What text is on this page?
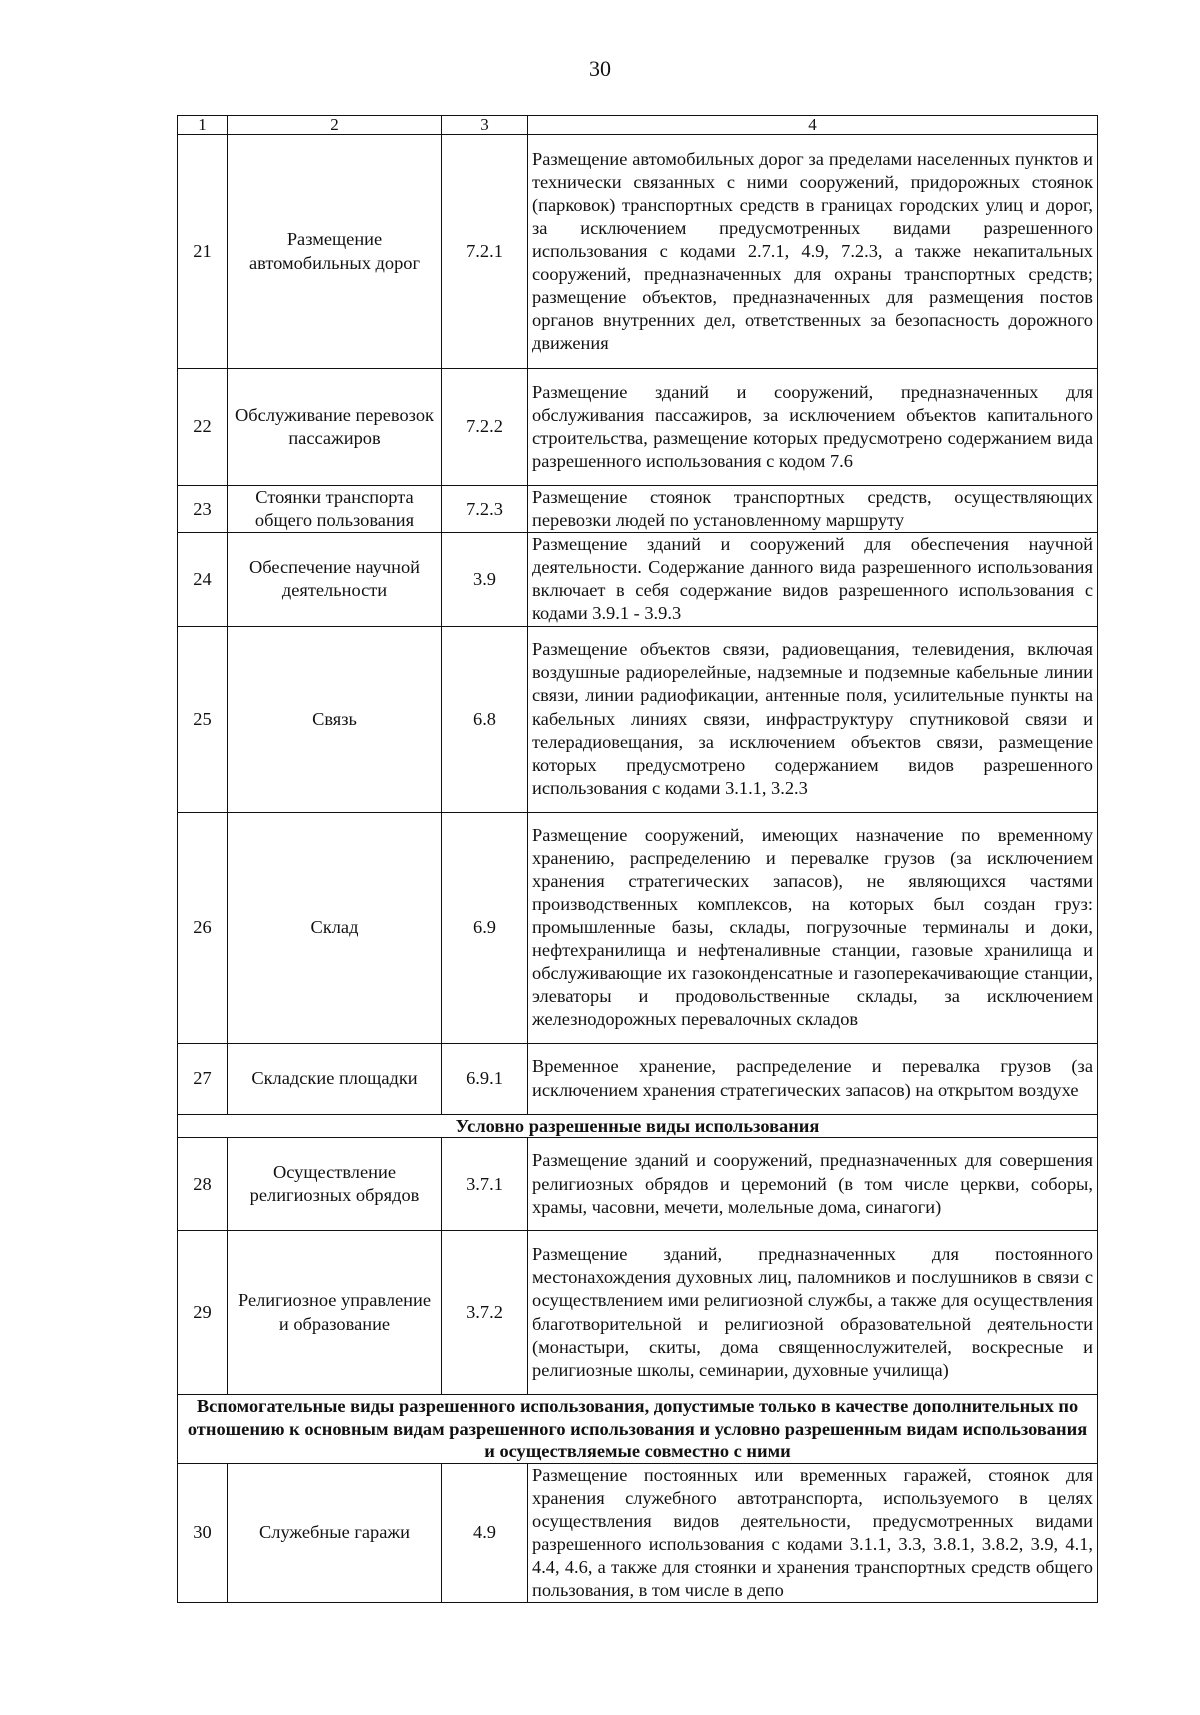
30
1	2	3	4
21	Размещение автомобильных дорог	7.2.1	Размещение автомобильных дорог за пределами населенных пунктов и технически связанных с ними сооружений, придорожных стоянок (парковок) транспортных средств в границах городских улиц и дорог, за исключением предусмотренных видами разрешенного использования с кодами 2.7.1, 4.9, 7.2.3, а также некапитальных сооружений, предназначенных для охраны транспортных средств; размещение объектов, предназначенных для размещения постов органов внутренних дел, ответственных за безопасность дорожного движения
22	Обслуживание перевозок пассажиров	7.2.2	Размещение зданий и сооружений, предназначенных для обслуживания пассажиров, за исключением объектов капитального строительства, размещение которых предусмотрено содержанием вида разрешенного использования с кодом 7.6
23	Стоянки транспорта общего пользования	7.2.3	Размещение стоянок транспортных средств, осуществляющих перевозки людей по установленному маршруту
24	Обеспечение научной деятельности	3.9	Размещение зданий и сооружений для обеспечения научной деятельности. Содержание данного вида разрешенного использования включает в себя содержание видов разрешенного использования с кодами 3.9.1 - 3.9.3
25	Связь	6.8	Размещение объектов связи, радиовещания, телевидения, включая воздушные радиорелейные, надземные и подземные кабельные линии связи, линии радиофикации, антенные поля, усилительные пункты на кабельных линиях связи, инфраструктуру спутниковой связи и телерадиовещания, за исключением объектов связи, размещение которых предусмотрено содержанием видов разрешенного использования с кодами 3.1.1, 3.2.3
26	Склад	6.9	Размещение сооружений, имеющих назначение по временному хранению, распределению и перевалке грузов (за исключением хранения стратегических запасов), не являющихся частями производственных комплексов, на которых был создан груз: промышленные базы, склады, погрузочные терминалы и доки, нефтехранилища и нефтеналивные станции, газовые хранилища и обслуживающие их газоконденсатные и газоперекачивающие станции, элеваторы и продовольственные склады, за исключением железнодорожных перевалочных складов
27	Складские площадки	6.9.1	Временное хранение, распределение и перевалка грузов (за исключением хранения стратегических запасов) на открытом воздухе
Условно разрешенные виды использования			
28	Осуществление религиозных обрядов	3.7.1	Размещение зданий и сооружений, предназначенных для совершения религиозных обрядов и церемоний (в том числе церкви, соборы, храмы, часовни, мечети, молельные дома, синагоги)
29	Религиозное управление и образование	3.7.2	Размещение зданий, предназначенных для постоянного местонахождения духовных лиц, паломников и послушников в связи с осуществлением ими религиозной службы, а также для осуществления благотворительной и религиозной образовательной деятельности (монастыри, скиты, дома священнослужителей, воскресные и религиозные школы, семинарии, духовные училища)
Вспомогательные виды разрешенного использования, допустимые только в качестве дополнительных по отношению к основным видам разрешенного использования и условно разрешенным видам использования и осуществляемые совместно с ними			
30	Служебные гаражи	4.9	Размещение постоянных или временных гаражей, стоянок для хранения служебного автотранспорта, используемого в целях осуществления видов деятельности, предусмотренных видами разрешенного использования с кодами 3.1.1, 3.3, 3.8.1, 3.8.2, 3.9, 4.1, 4.4, 4.6, а также для стоянки и хранения транспортных средств общего пользования, в том числе в депо
